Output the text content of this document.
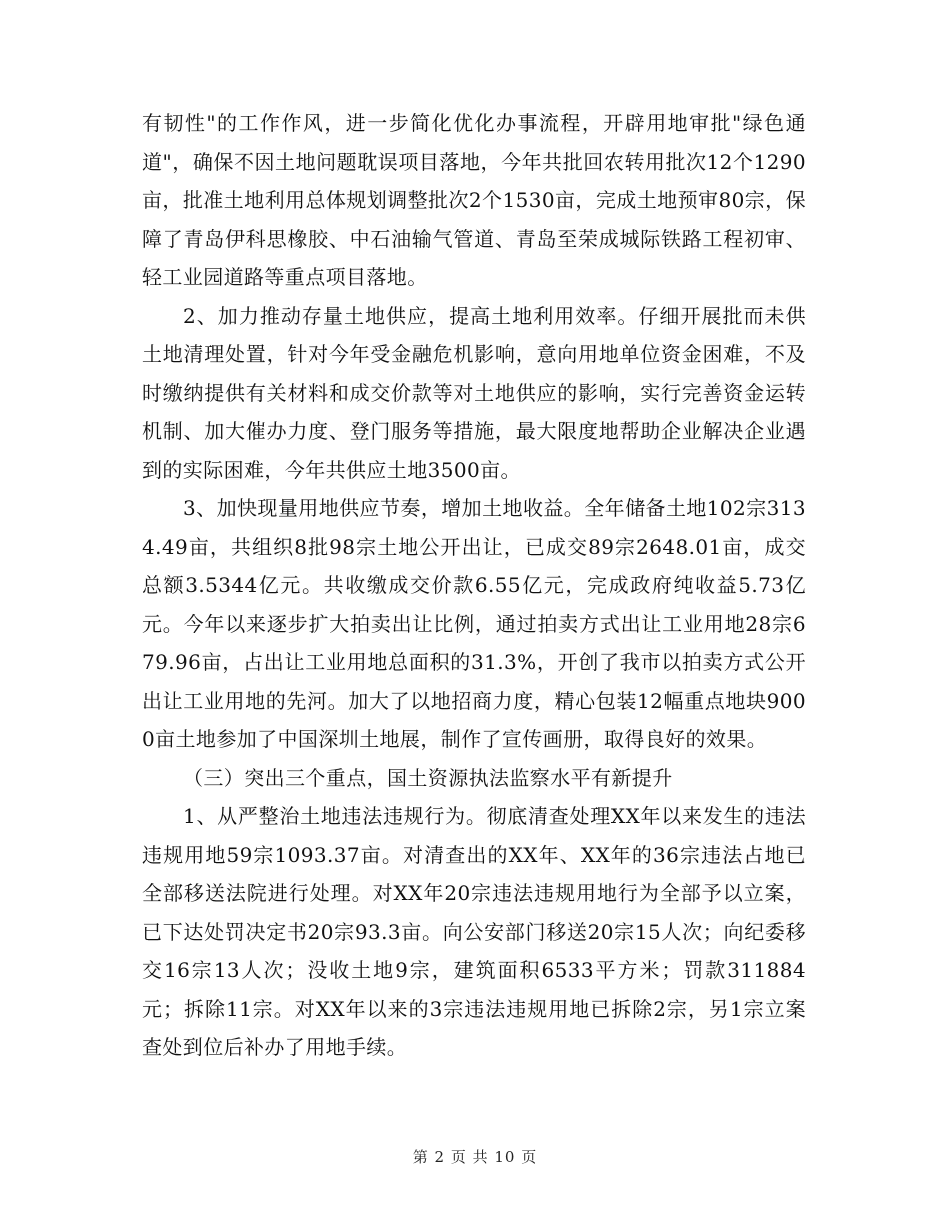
有韧性"的工作作风，进一步简化优化办事流程，开辟用地审批"绿色通道"，确保不因土地问题耽误项目落地，今年共批回农转用批次12个1290亩，批准土地利用总体规划调整批次2个1530亩，完成土地预审80宗，保障了青岛伊科思橡胶、中石油输气管道、青岛至荣成城际铁路工程初审、轻工业园道路等重点项目落地。

2、加力推动存量土地供应，提高土地利用效率。仔细开展批而未供土地清理处置，针对今年受金融危机影响，意向用地单位资金困难，不及时缴纳提供有关材料和成交价款等对土地供应的影响，实行完善资金运转机制、加大催办力度、登门服务等措施，最大限度地帮助企业解决企业遇到的实际困难，今年共供应土地3500亩。

3、加快现量用地供应节奏，增加土地收益。全年储备土地102宗3134.49亩，共组织8批98宗土地公开出让，已成交89宗2648.01亩，成交总额3.5344亿元。共收缴成交价款6.55亿元，完成政府纯收益5.73亿元。今年以来逐步扩大拍卖出让比例，通过拍卖方式出让工业用地28宗679.96亩，占出让工业用地总面积的31.3%，开创了我市以拍卖方式公开出让工业用地的先河。加大了以地招商力度，精心包装12幅重点地块9000亩土地参加了中国深圳土地展，制作了宣传画册，取得良好的效果。

（三）突出三个重点，国土资源执法监察水平有新提升

1、从严整治土地违法违规行为。彻底清查处理XX年以来发生的违法违规用地59宗1093.37亩。对清查出的XX年、XX年的36宗违法占地已全部移送法院进行处理。对XX年20宗违法违规用地行为全部予以立案，已下达处罚决定书20宗93.3亩。向公安部门移送20宗15人次；向纪委移交16宗13人次；没收土地9宗，建筑面积6533平方米；罚款311884元；拆除11宗。对XX年以来的3宗违法违规用地已拆除2宗，另1宗立案查处到位后补办了用地手续。

第 2 页 共 10 页
